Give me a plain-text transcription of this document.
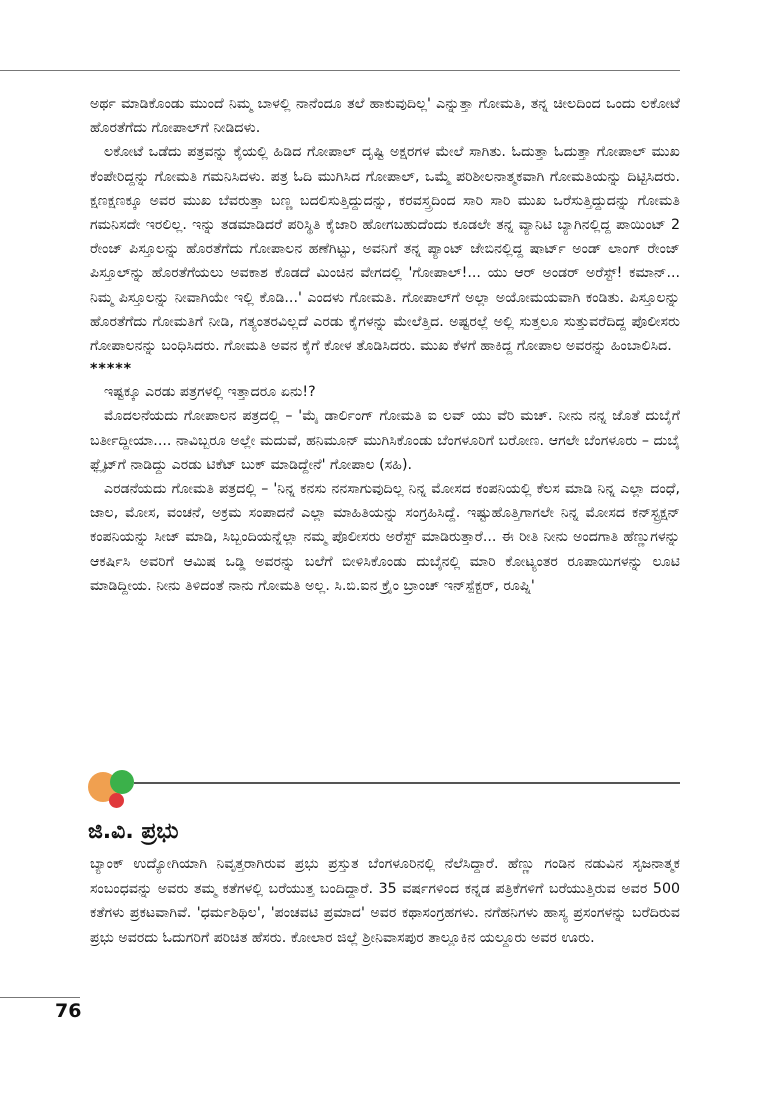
ಅರ್ಥ ಮಾಡಿಕೊಂಡು ಮುಂದೆ ನಿಮ್ಮ ಬಾಳಲ್ಲಿ ನಾನೆಂದೂ ತಲೆ ಹಾಕುವುದಿಲ್ಲ' ಎನ್ನುತ್ತಾ ಗೋಮತಿ, ತನ್ನ ಚೀಲದಿಂದ ಒಂದು ಲಕೋಟೆ ಹೊರತೆಗೆದು ಗೋಪಾಲ್‌ಗೆ ನೀಡಿದಳು.

ಲಕೋಟೆ ಒಡೆದು ಪತ್ರವನ್ನು ಕೈಯಲ್ಲಿ ಹಿಡಿದ ಗೋಪಾಲ್ ದೃಷ್ಟಿ ಅಕ್ಷರಗಳ ಮೇಲೆ ಸಾಗಿತು. ಓದುತ್ತಾ ಓದುತ್ತಾ ಗೋಪಾಲ್ ಮುಖ ಕೆಂಪೇರಿದ್ದನ್ನು ಗೋಮತಿ ಗಮನಿಸಿದಳು. ಪತ್ರ ಓದಿ ಮುಗಿಸಿದ ಗೋಪಾಲ್, ಒಮ್ಮೆ ಪರಿಶೀಲನಾತ್ಮಕವಾಗಿ ಗೋಮತಿಯನ್ನು ದಿಟ್ಟಿಸಿದರು. ಕ್ಷಣಕ್ಷಣಕ್ಕೂ ಅವರ ಮುಖ ಬೆವರುತ್ತಾ ಬಣ್ಣ ಬದಲಿಸುತ್ತಿದ್ದುದನ್ನು, ಕರವಸ್ತ್ರದಿಂದ ಸಾರಿ ಸಾರಿ ಮುಖ ಒರೆಸುತ್ತಿದ್ದುದನ್ನು ಗೋಮತಿ ಗಮನಿಸದೇ ಇರಲಿಲ್ಲ. ಇನ್ನು ತಡಮಾಡಿದರೆ ಪರಿಸ್ಥಿತಿ ಕೈಜಾರಿ ಹೋಗಬಹುದೆಂದು ಕೂಡಲೇ ತನ್ನ ವ್ಯಾನಿಟಿ ಬ್ಯಾಗಿನಲ್ಲಿದ್ದ ಪಾಯಿಂಟ್ 2 ರೇಂಜ್ ಪಿಸ್ತೂಲನ್ನು ಹೊರತೆಗೆದು ಗೋಪಾಲನ ಹಣೆಗಿಟ್ಟು, ಅವನಿಗೆ ತನ್ನ ಪ್ಯಾಂಟ್ ಜೇಬಿನಲ್ಲಿದ್ದ ಷಾರ್ಟ್ ಅಂಡ್ ಲಾಂಗ್ ರೇಂಜ್ ಪಿಸ್ತೂಲ್‌ನ್ನು ಹೊರತೆಗೆಯಲು ಅವಕಾಶ ಕೊಡದೆ ಮಿಂಚಿನ ವೇಗದಲ್ಲಿ 'ಗೋಪಾಲ್!... ಯು ಆರ್ ಅಂಡರ್ ಅರೆಸ್ಟ್! ಕಮಾನ್... ನಿಮ್ಮ ಪಿಸ್ತೂಲನ್ನು ನೀವಾಗಿಯೇ ಇಲ್ಲಿ ಕೊಡಿ...' ಎಂದಳು ಗೋಮತಿ. ಗೋಪಾಲ್‌ಗೆ ಅಲ್ಲಾ ಅಯೋಮಯವಾಗಿ ಕಂಡಿತು. ಪಿಸ್ತೂಲನ್ನು ಹೊರತೆಗೆದು ಗೋಮತಿಗೆ ನೀಡಿ, ಗತ್ಯಂತರವಿಲ್ಲದೆ ಎರಡು ಕೈಗಳನ್ನು ಮೇಲೆತ್ತಿದ. ಅಷ್ಟರಲ್ಲೆ ಅಲ್ಲಿ ಸುತ್ತಲೂ ಸುತ್ತುವರೆದಿದ್ದ ಪೊಲೀಸರು ಗೋಪಾಲನನ್ನು ಬಂಧಿಸಿದರು. ಗೋಮತಿ ಅವನ ಕೈಗೆ ಕೋಳ ತೊಡಿಸಿದರು. ಮುಖ ಕೆಳಗೆ ಹಾಕಿದ್ದ ಗೋಪಾಲ ಅವರನ್ನು ಹಿಂಬಾಲಿಸಿದ.

*****

ಇಷ್ಟಕ್ಕೂ ಎರಡು ಪತ್ರಗಳಲ್ಲಿ ಇತ್ತಾದರೂ ಏನು!?

ಮೊದಲನೆಯದು ಗೋಪಾಲನ ಪತ್ರದಲ್ಲಿ – 'ಮೈ ಡಾರ್ಲಿಂಗ್ ಗೋಮತಿ ಐ ಲವ್ ಯು ವೆರಿ ಮಚ್. ನೀನು ನನ್ನ ಜೊತೆ ದುಬೈಗೆ ಬರ್ತೀದ್ದೀಯಾ.... ನಾವಿಬ್ಬರೂ ಅಲ್ಲೇ ಮದುವೆ, ಹನಿಮೂನ್ ಮುಗಿಸಿಕೊಂಡು ಬೆಂಗಳೂರಿಗೆ ಬರೋಣ. ಆಗಲೇ ಬೆಂಗಳೂರು – ದುಬೈ ಫ್ಲೈಟ್‌ಗೆ ನಾಡಿದ್ದು ಎರಡು ಟಿಕೆಟ್ ಬುಕ್ ಮಾಡಿದ್ದೇನೆ' ಗೋಪಾಲ (ಸಹಿ).

ಎರಡನೆಯದು ಗೋಮತಿ ಪತ್ರದಲ್ಲಿ – 'ನಿನ್ನ ಕನಸು ನನಸಾಗುವುದಿಲ್ಲ ನಿನ್ನ ಮೋಸದ ಕಂಪನಿಯಲ್ಲಿ ಕೆಲಸ ಮಾಡಿ ನಿನ್ನ ಎಲ್ಲಾ ದಂಧೆ, ಜಾಲ, ಮೋಸ, ವಂಚನೆ, ಅಕ್ರಮ ಸಂಪಾದನೆ ಎಲ್ಲಾ ಮಾಹಿತಿಯನ್ನು ಸಂಗ್ರಹಿಸಿದ್ದೆ. ಇಷ್ಟುಹೊತ್ತಿಗಾಗಲೇ ನಿನ್ನ ಮೋಸದ ಕನ್‌ಸ್ಟ್ರಕ್ಷನ್ ಕಂಪನಿಯನ್ನು ಸೀಜ್ ಮಾಡಿ, ಸಿಬ್ಬಂದಿಯನ್ನೆಲ್ಲಾ ನಮ್ಮ ಪೊಲೀಸರು ಅರೆಸ್ಟ್ ಮಾಡಿರುತ್ತಾರೆ... ಈ ರೀತಿ ನೀನು ಅಂದಗಾತಿ ಹೆಣ್ಣುಗಳನ್ನು ಆಕರ್ಷಿಸಿ ಅವರಿಗೆ ಆಮಿಷ ಒಡ್ಡಿ ಅವರನ್ನು ಬಲೆಗೆ ಬೀಳಿಸಿಕೊಂಡು ದುಬೈನಲ್ಲಿ ಮಾರಿ ಕೋಟ್ಯಂತರ ರೂಪಾಯಿಗಳನ್ನು ಲೂಟಿ ಮಾಡಿದ್ದೀಯ. ನೀನು ತಿಳಿದಂತೆ ನಾನು ಗೋಮತಿ ಅಲ್ಲ. ಸಿ.ಬಿ.ಐನ ಕ್ರೈಂ ಬ್ರಾಂಚ್ ಇನ್‌ಸ್ಪೆಕ್ಟರ್, ರೂಪ್ನಿ'

ಜಿ.ವಿ. ಪ್ರಭು

ಬ್ಯಾಂಕ್ ಉದ್ಯೋಗಿಯಾಗಿ ನಿವೃತ್ತರಾಗಿರುವ ಪ್ರಭು ಪ್ರಸ್ತುತ ಬೆಂಗಳೂರಿನಲ್ಲಿ ನೆಲೆಸಿದ್ದಾರೆ. ಹೆಣ್ಣು ಗಂಡಿನ ನಡುವಿನ ಸೃಜನಾತ್ಮಕ ಸಂಬಂಧವನ್ನು ಅವರು ತಮ್ಮ ಕತೆಗಳಲ್ಲಿ ಬರೆಯುತ್ತ ಬಂದಿದ್ದಾರೆ. 35 ವರ್ಷಗಳಿಂದ ಕನ್ನಡ ಪತ್ರಿಕೆಗಳಿಗೆ ಬರೆಯುತ್ತಿರುವ ಅವರ 500 ಕತೆಗಳು ಪ್ರಕಟವಾಗಿವೆ. 'ಧರ್ಮಶಿಥಿಲ', 'ಪಂಚವಟಿ ಪ್ರಮಾದ' ಅವರ ಕಥಾಸಂಗ್ರಹಗಳು. ನಗೆಹನಿಗಳು ಹಾಸ್ಯ ಪ್ರಸಂಗಳನ್ನು ಬರೆದಿರುವ ಪ್ರಭು ಅವರದು ಓದುಗರಿಗೆ ಪರಿಚಿತ ಹೆಸರು. ಕೋಲಾರ ಜಿಲ್ಲೆ ಶ್ರೀನಿವಾಸಪುರ ತಾಲ್ಲೂಕಿನ ಯಲ್ದೂರು ಅವರ ಊರು.

76
